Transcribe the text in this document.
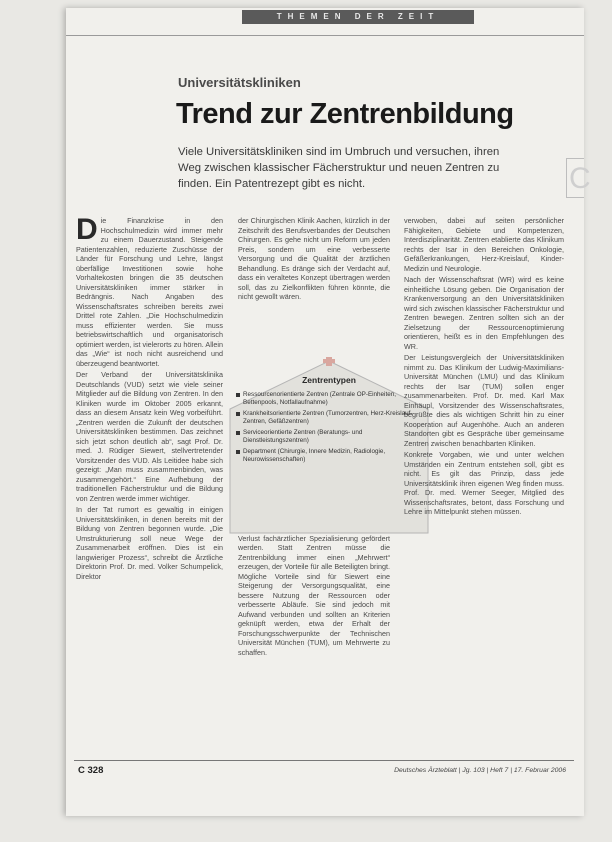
THEMEN DER ZEIT
Universitätskliniken
Trend zur Zentrenbildung
Viele Universitätskliniken sind im Umbruch und versuchen, ihren Weg zwischen klassischer Fächerstruktur und neuen Zentren zu finden. Ein Patentrezept gibt es nicht.	C

Die Finanzkrise in den Hochschulmedizin wird immer mehr zu einem Dauerzustand. Steigende Patientenzahlen, reduzierte Zuschüsse der Länder für Forschung und Lehre, längst überfällige Investitionen sowie hohe Vorhaltekosten bringen die 35 deutschen Universitätskliniken immer stärker in Bedrängnis. Nach Angaben des Wissenschaftsrates schreiben bereits zwei Drittel rote Zahlen. „Die Hochschulmedizin muss effizienter werden. Sie muss betriebswirtschaftlich und organisatorisch optimiert werden, ist vielerorts zu hören. Allein das „Wie“ ist noch nicht ausreichend und überzeugend beantwortet.

Der Verband der Universitätsklinika Deutschlands (VUD) setzt wie viele seiner Mitglieder auf die Bildung von Zentren. In den Kliniken wurde im Oktober 2005 erkannt, dass an diesem Ansatz kein Weg vorbeiführt. „Zentren werden die Zukunft der deutschen Universitätskliniken bestimmen. Das zeichnet sich jetzt schon deutlich ab“, sagt Prof. Dr. med. J. Rüdiger Siewert, stellvertretender Vorsitzender des VUD. Als Leitidee habe sich gezeigt: „Man muss zusammenbinden, was zusammengehört.“ Eine Aufhebung der traditionellen Fächerstruktur und die Bildung von Zentren werde immer wichtiger.

In der Tat rumort es gewaltig in einigen Universitätskliniken, in denen bereits mit der Bildung von Zentren begonnen wurde. „Die Umstrukturierung soll neue Wege der Zusammenarbeit eröffnen. Dies ist ein langwieriger Prozess“, schreibt die Ärztliche Direktorin Prof. Dr. med. Volker Schumpelick, Direktor

der Chirurgischen Klinik Aachen, kürzlich in der Zeitschrift des Berufsverbandes der Deutschen Chirurgen. Es gehe nicht um Reform um jeden Preis, sondern um eine verbesserte Versorgung und die Qualität der ärztlichen Behandlung. Es dränge sich der Verdacht auf, dass ein veraltetes Konzept übertragen werden soll, das zu Zielkonflikten führen könnte, die nicht gewollt wären.

Verlust fachärztlicher Spezialisierung gefördert werden. Statt Zentren müsse die Zentrenbildung immer einen „Mehrwert“ erzeugen, der Vorteile für alle Beteiligten bringt. Mögliche Vorteile sind für Siewert eine Steigerung der Versorgungsqualität, eine bessere Nutzung der Ressourcen oder verbesserte Abläufe. Sie sind jedoch mit Aufwand verbunden und sollten an Kriterien geknüpft werden, etwa der Erhalt der Forschungsschwerpunkte der Technischen Universität München (TUM), um Mehrwerte zu schaffen.

Zentrentypen
Ressourcenorientierte Zentren (Zentrale OP-Einheiten, Bettenpools, Notfallaufnahme)
Krankheitsorientierte Zentren (Tumorzentren, Herz-Kreislauf-Zentren, Gefäßzentren)
Serviceorientierte Zentren (Beratungs- und Dienstleistungszentren)
Department (Chirurgie, Innere Medizin, Radiologie, Neurowissenschaften)

verwoben, dabei auf seiten persönlicher Fähigkeiten, Gebiete und Kompetenzen, Interdisziplinarität. Zentren etablierte das Klinikum rechts der Isar in den Bereichen Onkologie, Gefäßerkrankungen, Herz-Kreislauf, Kinder-Medizin und Neurologie.

Nach der Wissenschaftsrat (WR) wird es keine einheitliche Lösung geben. Die Organisation der Krankenversorgung an den Universitätskliniken wird sich zwischen klassischer Fächerstruktur und Zentren bewegen. Zentren sollten sich an der Zielsetzung der Ressourcenoptimierung orientieren, heißt es in den Empfehlungen des WR.

Der Leistungsvergleich der Universitätskliniken nimmt zu. Das Klinikum der Ludwig-Maximilians-Universität München (LMU) und das Klinikum rechts der Isar (TUM) sollen enger zusammenarbeiten. Prof. Dr. med. Karl Max Einhäupl, Vorsitzender des Wissenschaftsrates, begrüßte dies als wichtigen Schritt hin zu einer Kooperation auf Augenhöhe. Auch an anderen Standorten gibt es Gespräche über gemeinsame Zentren zwischen benachbarten Kliniken.

Konkrete Vorgaben, wie und unter welchen Umständen ein Zentrum entstehen soll, gibt es nicht. Es gilt das Prinzip, dass jede Universitätsklinik ihren eigenen Weg finden muss. Prof. Dr. med. Werner Seeger, Mitglied des Wissenschaftsrates, betont, dass Forschung und Lehre im Mittelpunkt stehen müssen.

C 328	Deutsches Ärzteblatt | Jg. 103 | Heft 7 | 17. Februar 2006
